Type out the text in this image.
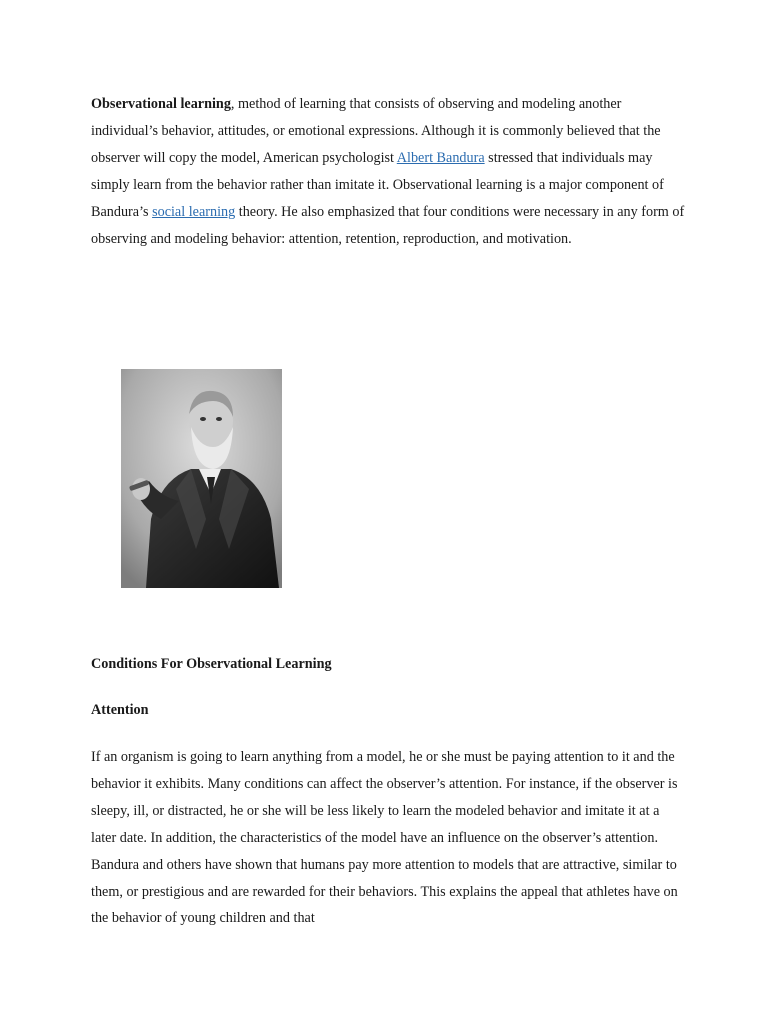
Observational learning, method of learning that consists of observing and modeling another individual’s behavior, attitudes, or emotional expressions. Although it is commonly believed that the observer will copy the model, American psychologist Albert Bandura stressed that individuals may simply learn from the behavior rather than imitate it. Observational learning is a major component of Bandura’s social learning theory. He also emphasized that four conditions were necessary in any form of observing and modeling behavior: attention, retention, reproduction, and motivation.

Conditions For Observational Learning

Attention

If an organism is going to learn anything from a model, he or she must be paying attention to it and the behavior it exhibits. Many conditions can affect the observer’s attention. For instance, if the observer is sleepy, ill, or distracted, he or she will be less likely to learn the modeled behavior and imitate it at a later date. In addition, the characteristics of the model have an influence on the observer’s attention. Bandura and others have shown that humans pay more attention to models that are attractive, similar to them, or prestigious and are rewarded for their behaviors. This explains the appeal that athletes have on the behavior of young children and that
